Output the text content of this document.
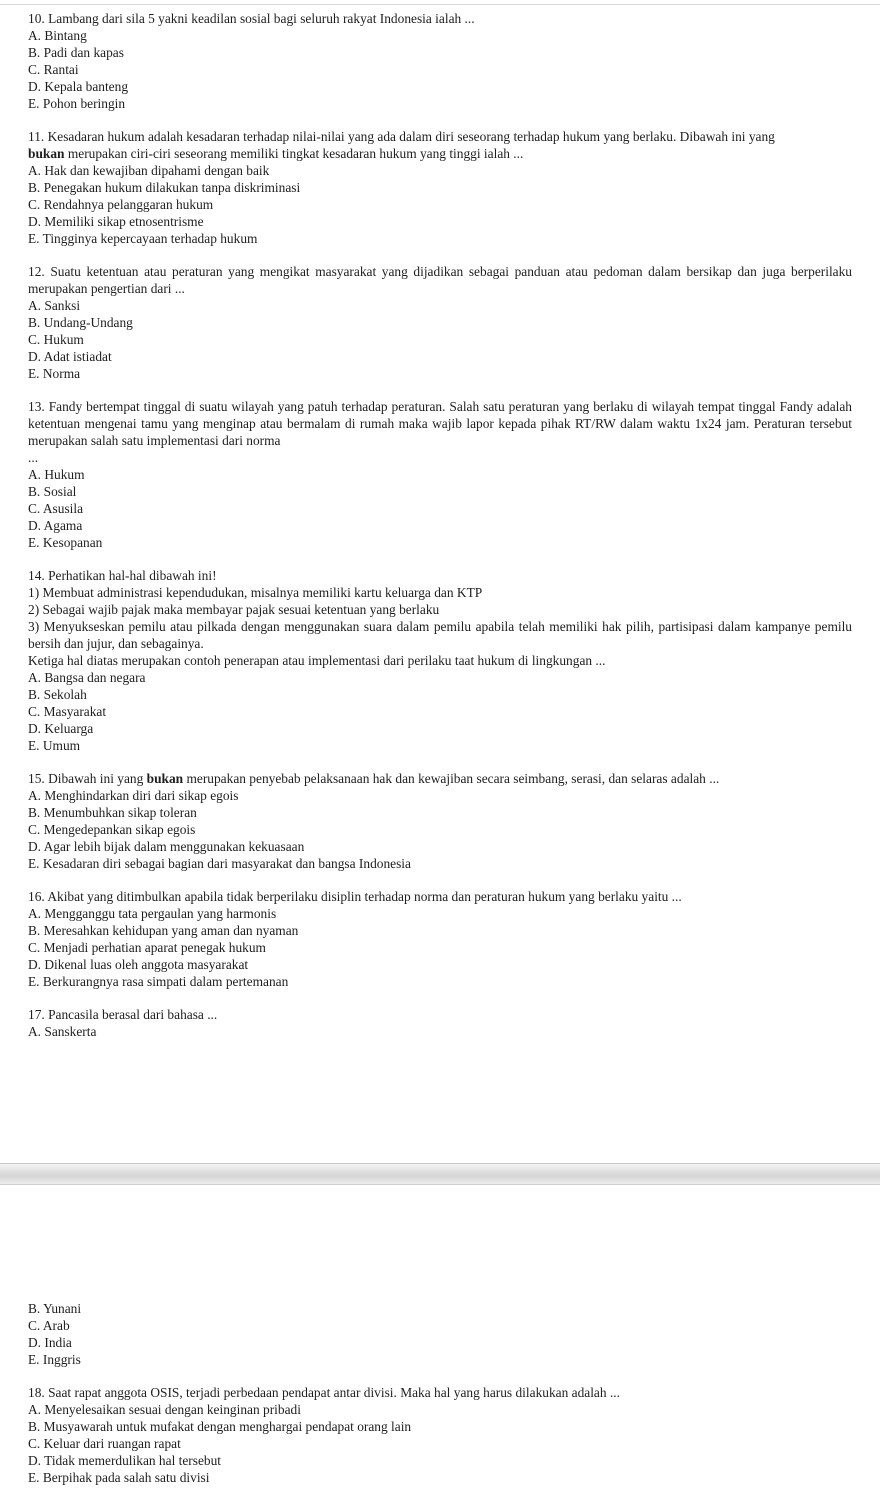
10. Lambang dari sila 5 yakni keadilan sosial bagi seluruh rakyat Indonesia ialah ...
A. Bintang
B. Padi dan kapas
C. Rantai
D. Kepala banteng
E. Pohon beringin
11. Kesadaran hukum adalah kesadaran terhadap nilai-nilai yang ada dalam diri seseorang terhadap hukum yang berlaku. Dibawah ini yang
bukan merupakan ciri-ciri seseorang memiliki tingkat kesadaran hukum yang tinggi ialah ...
A. Hak dan kewajiban dipahami dengan baik
B. Penegakan hukum dilakukan tanpa diskriminasi
C. Rendahnya pelanggaran hukum
D. Memiliki sikap etnosentrisme
E. Tingginya kepercayaan terhadap hukum
12. Suatu ketentuan atau peraturan yang mengikat masyarakat yang dijadikan sebagai panduan atau pedoman dalam bersikap dan juga berperilaku merupakan pengertian dari ...
A. Sanksi
B. Undang-Undang
C. Hukum
D. Adat istiadat
E. Norma
13. Fandy bertempat tinggal di suatu wilayah yang patuh terhadap peraturan. Salah satu peraturan yang berlaku di wilayah tempat tinggal Fandy adalah ketentuan mengenai tamu yang menginap atau bermalam di rumah maka wajib lapor kepada pihak RT/RW dalam waktu 1x24 jam. Peraturan tersebut merupakan salah satu implementasi dari norma
...
A. Hukum
B. Sosial
C. Asusila
D. Agama
E. Kesopanan
14. Perhatikan hal-hal dibawah ini!
1) Membuat administrasi kependudukan, misalnya memiliki kartu keluarga dan KTP
2) Sebagai wajib pajak maka membayar pajak sesuai ketentuan yang berlaku
3) Menyukseskan pemilu atau pilkada dengan menggunakan suara dalam pemilu apabila telah memiliki hak pilih, partisipasi dalam kampanye pemilu bersih dan jujur, dan sebagainya.
Ketiga hal diatas merupakan contoh penerapan atau implementasi dari perilaku taat hukum di lingkungan ...
A. Bangsa dan negara
B. Sekolah
C. Masyarakat
D. Keluarga
E. Umum
15. Dibawah ini yang bukan merupakan penyebab pelaksanaan hak dan kewajiban secara seimbang, serasi, dan selaras adalah ...
A. Menghindarkan diri dari sikap egois
B. Menumbuhkan sikap toleran
C. Mengedepankan sikap egois
D. Agar lebih bijak dalam menggunakan kekuasaan
E. Kesadaran diri sebagai bagian dari masyarakat dan bangsa Indonesia
16. Akibat yang ditimbulkan apabila tidak berperilaku disiplin terhadap norma dan peraturan hukum yang berlaku yaitu ...
A. Mengganggu tata pergaulan yang harmonis
B. Meresahkan kehidupan yang aman dan nyaman
C. Menjadi perhatian aparat penegak hukum
D. Dikenal luas oleh anggota masyarakat
E. Berkurangnya rasa simpati dalam pertemanan
17. Pancasila berasal dari bahasa ...
A. Sanskerta
B. Yunani
C. Arab
D. India
E. Inggris
18. Saat rapat anggota OSIS, terjadi perbedaan pendapat antar divisi. Maka hal yang harus dilakukan adalah ...
A. Menyelesaikan sesuai dengan keinginan pribadi
B. Musyawarah untuk mufakat dengan menghargai pendapat orang lain
C. Keluar dari ruangan rapat
D. Tidak memerdulikan hal tersebut
E. Berpihak pada salah satu divisi
